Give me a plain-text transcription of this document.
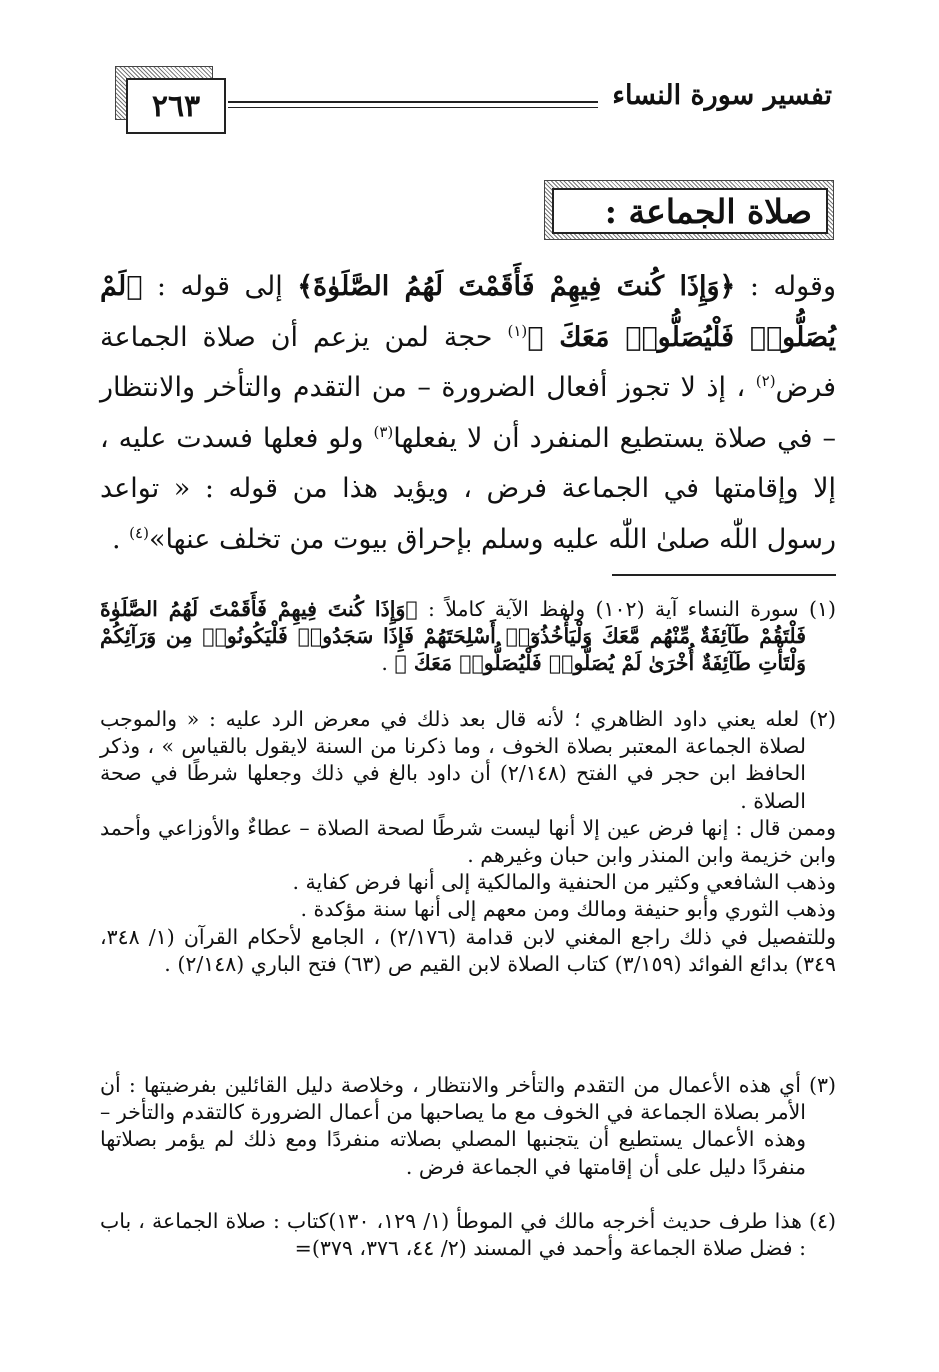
٢٦٣	تفسير سورة النساء
صلاة الجماعة :
وقوله : ﴿وَإِذَا كُنتَ فِيهِمْ فَأَقَمْتَ لَهُمُ الصَّلَوٰةَ﴾ إلى قوله : ﴿لَمْ يُصَلُّوا۟ فَلْيُصَلُّوا۟ مَعَكَ ﴾$^{(١)}$ حجة لمن يزعم أن صلاة الجماعة فرض$^{(٢)}$ ، إذ لا تجوز أفعال الضرورة – من التقدم والتأخر والانتظار – في صلاة يستطيع المنفرد أن لا يفعلها$^{(٣)}$ ولو فعلها فسدت عليه ، إلا وإقامتها في الجماعة فرض ، ويؤيد هذا من قوله : « تواعد رسول اللّٰه صلىٰ اللّٰه عليه وسلم بإحراق بيوت من تخلف عنها»$^{(٤)}$ .

(١) سورة النساء آية (١٠٢) ولفظ الآية كاملاً : ﴿وَإِذَا كُنتَ فِيهِمْ فَأَقَمْتَ لَهُمُ الصَّلَوٰةَ فَلْتَقُمْ طَآئِفَةٌ مِّنْهُم مَّعَكَ وَلْيَأْخُذُوٓا۟ أَسْلِحَتَهُمْ فَإِذَا سَجَدُوا۟ فَلْيَكُونُوا۟ مِن وَرَآئِكُمْ وَلْتَأْتِ طَآئِفَةٌ أُخْرَىٰ لَمْ يُصَلُّوا۟ فَلْيُصَلُّوا۟ مَعَكَ ﴾ .

(٢) لعله يعني داود الظاهري ؛ لأنه قال بعد ذلك في معرض الرد عليه : « والموجب لصلاة الجماعة المعتبر بصلاة الخوف ، وما ذكرنا من السنة لايقول بالقياس » ، وذكر الحافظ ابن حجر في الفتح (٢/١٤٨) أن داود بالغ في ذلك وجعلها شرطًا في صحة الصلاة .

وممن قال : إنها فرض عين إلا أنها ليست شرطًا لصحة الصلاة – عطاءٌ والأوزاعي وأحمد وابن خزيمة وابن المنذر وابن حبان وغيرهم .

وذهب الشافعي وكثير من الحنفية والمالكية إلى أنها فرض كفاية .

وذهب الثوري وأبو حنيفة ومالك ومن معهم إلى أنها سنة مؤكدة .

وللتفصيل في ذلك راجع المغني لابن قدامة (٢/١٧٦) ، الجامع لأحكام القرآن (١/ ٣٤٨، ٣٤٩) بدائع الفوائد (٣/١٥٩) كتاب الصلاة لابن القيم ص (٦٣) فتح الباري (٢/١٤٨) .

(٣) أي هذه الأعمال من التقدم والتأخر والانتظار ، وخلاصة دليل القائلين بفرضيتها : أن الأمر بصلاة الجماعة في الخوف مع ما يصاحبها من أعمال الضرورة كالتقدم والتأخر – وهذه الأعمال يستطيع أن يتجنبها المصلي بصلاته منفردًا ومع ذلك لم يؤمر بصلاتها منفردًا دليل على أن إقامتها في الجماعة فرض .

(٤) هذا طرف حديث أخرجه مالك في الموطأ (١/ ١٢٩، ١٣٠)كتاب : صلاة الجماعة ، باب : فضل صلاة الجماعة وأحمد في المسند (٢/ ٤٤، ٣٧٦، ٣٧٩)=
